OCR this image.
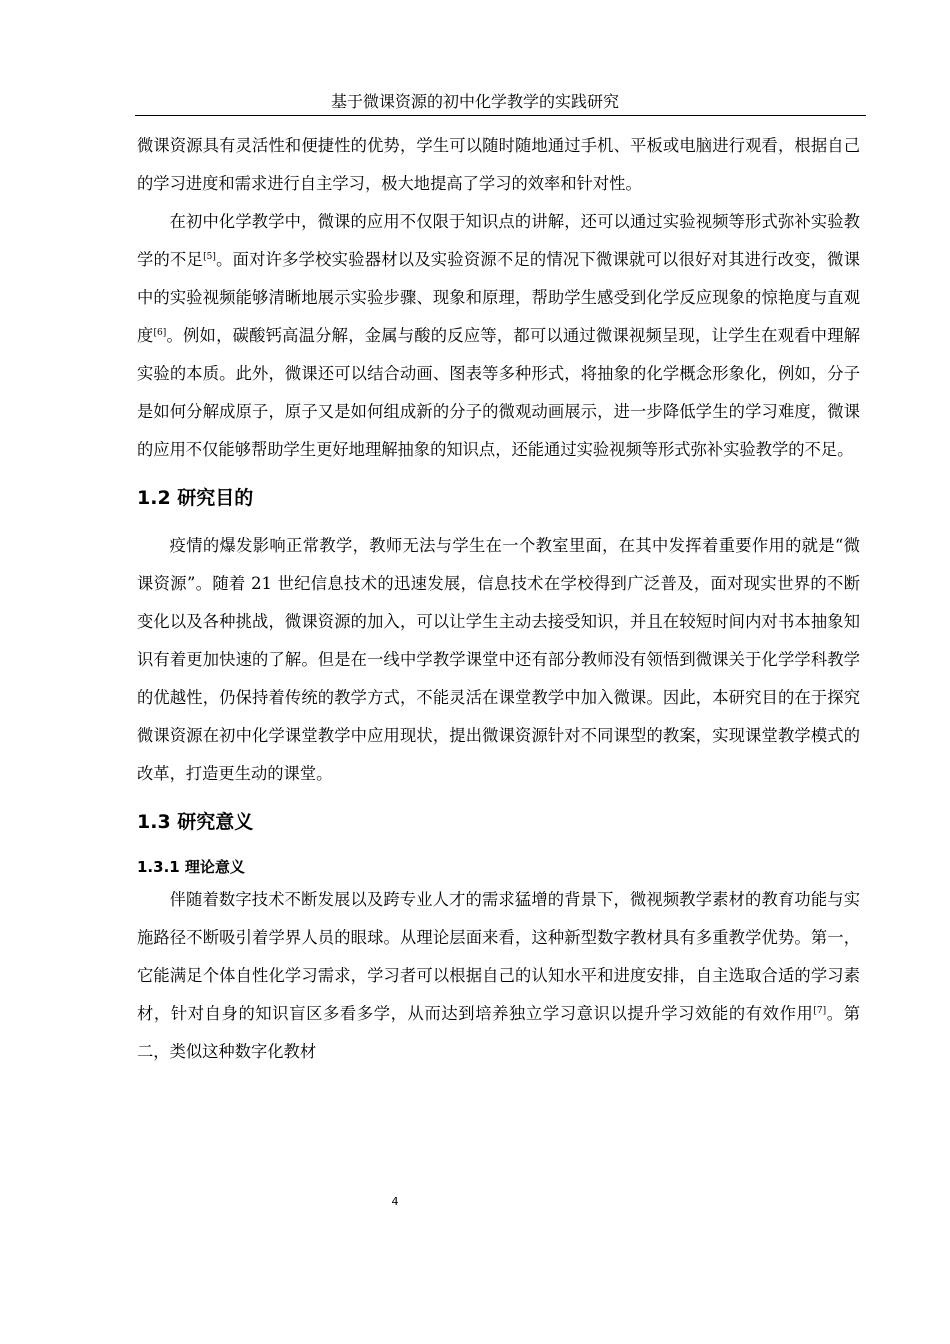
基于微课资源的初中化学教学的实践研究

微课资源具有灵活性和便捷性的优势，学生可以随时随地通过手机、平板或电脑进行观看，根据自己的学习进度和需求进行自主学习，极大地提高了学习的效率和针对性。

在初中化学教学中，微课的应用不仅限于知识点的讲解，还可以通过实验视频等形式弥补实验教学的不足[5]。面对许多学校实验器材以及实验资源不足的情况下微课就可以很好对其进行改变，微课中的实验视频能够清晰地展示实验步骤、现象和原理，帮助学生感受到化学反应现象的惊艳度与直观度[6]。例如，碳酸钙高温分解，金属与酸的反应等，都可以通过微课视频呈现，让学生在观看中理解实验的本质。此外，微课还可以结合动画、图表等多种形式，将抽象的化学概念形象化，例如，分子是如何分解成原子，原子又是如何组成新的分子的微观动画展示，进一步降低学生的学习难度，微课的应用不仅能够帮助学生更好地理解抽象的知识点，还能通过实验视频等形式弥补实验教学的不足。

1.2 研究目的

疫情的爆发影响正常教学，教师无法与学生在一个教室里面，在其中发挥着重要作用的就是“微课资源”。随着 21 世纪信息技术的迅速发展，信息技术在学校得到广泛普及，面对现实世界的不断变化以及各种挑战，微课资源的加入，可以让学生主动去接受知识，并且在较短时间内对书本抽象知识有着更加快速的了解。但是在一线中学教学课堂中还有部分教师没有领悟到微课关于化学学科教学的优越性，仍保持着传统的教学方式，不能灵活在课堂教学中加入微课。因此，本研究目的在于探究微课资源在初中化学课堂教学中应用现状，提出微课资源针对不同课型的教案，实现课堂教学模式的改革，打造更生动的课堂。

1.3 研究意义
1.3.1 理论意义

伴随着数字技术不断发展以及跨专业人才的需求猛增的背景下，微视频教学素材的教育功能与实施路径不断吸引着学界人员的眼球。从理论层面来看，这种新型数字教材具有多重教学优势。第一，它能满足个体自性化学习需求，学习者可以根据自己的认知水平和进度安排，自主选取合适的学习素材，针对自身的知识盲区多看多学，从而达到培养独立学习意识以提升学习效能的有效作用[7]。第二，类似这种数字化教材

4
